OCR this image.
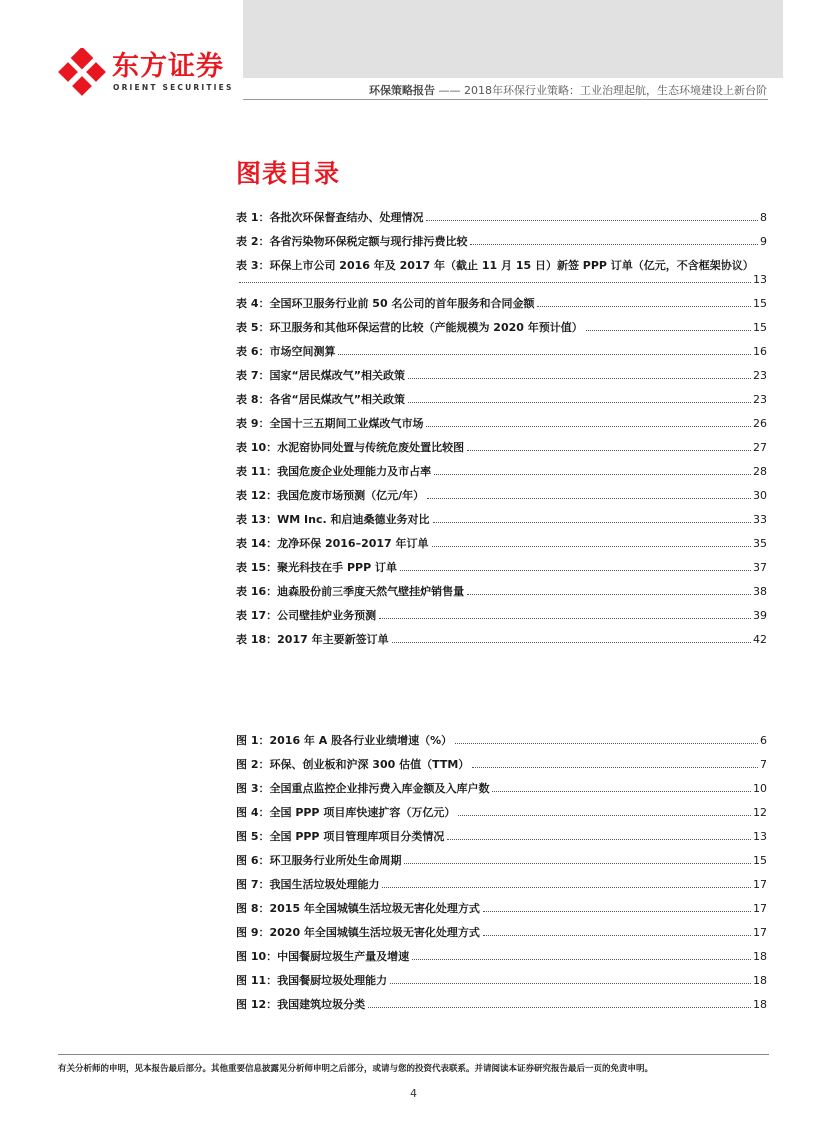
东方证券
ORIENT SECURITIES	环保策略报告 —— 2018年环保行业策略：工业治理起航，生态环境建设上新台阶
图表目录
表 1：各批次环保督查结办、处理情况	8
表 2：各省污染物环保税定额与现行排污费比较	9
表 3：环保上市公司 2016 年及 2017 年（截止 11 月 15 日）新签 PPP 订单（亿元，不含框架协议）
13
表 4：全国环卫服务行业前 50 名公司的首年服务和合同金额	15
表 5：环卫服务和其他环保运营的比较（产能规模为 2020 年预计值）	15
表 6：市场空间测算	16
表 7：国家“居民煤改气”相关政策	23
表 8：各省“居民煤改气”相关政策	23
表 9：全国十三五期间工业煤改气市场	26
表 10：水泥窑协同处置与传统危废处置比较图	27
表 11：我国危废企业处理能力及市占率	28
表 12：我国危废市场预测（亿元/年）	30
表 13：WM Inc. 和启迪桑德业务对比	33
表 14：龙净环保 2016–2017 年订单	35
表 15：聚光科技在手 PPP 订单	37
表 16：迪森股份前三季度天然气壁挂炉销售量	38
表 17：公司壁挂炉业务预测	39
表 18：2017 年主要新签订单	42
图 1：2016 年 A 股各行业业绩增速（%）	6
图 2：环保、创业板和沪深 300 估值（TTM）	7
图 3：全国重点监控企业排污费入库金额及入库户数	10
图 4：全国 PPP 项目库快速扩容（万亿元）	12
图 5：全国 PPP 项目管理库项目分类情况	13
图 6：环卫服务行业所处生命周期	15
图 7：我国生活垃圾处理能力	17
图 8：2015 年全国城镇生活垃圾无害化处理方式	17
图 9：2020 年全国城镇生活垃圾无害化处理方式	17
图 10：中国餐厨垃圾生产量及增速	18
图 11：我国餐厨垃圾处理能力	18
图 12：我国建筑垃圾分类	18
有关分析师的申明，见本报告最后部分。其他重要信息披露见分析师申明之后部分，或请与您的投资代表联系。并请阅读本证券研究报告最后一页的免责申明。
4
